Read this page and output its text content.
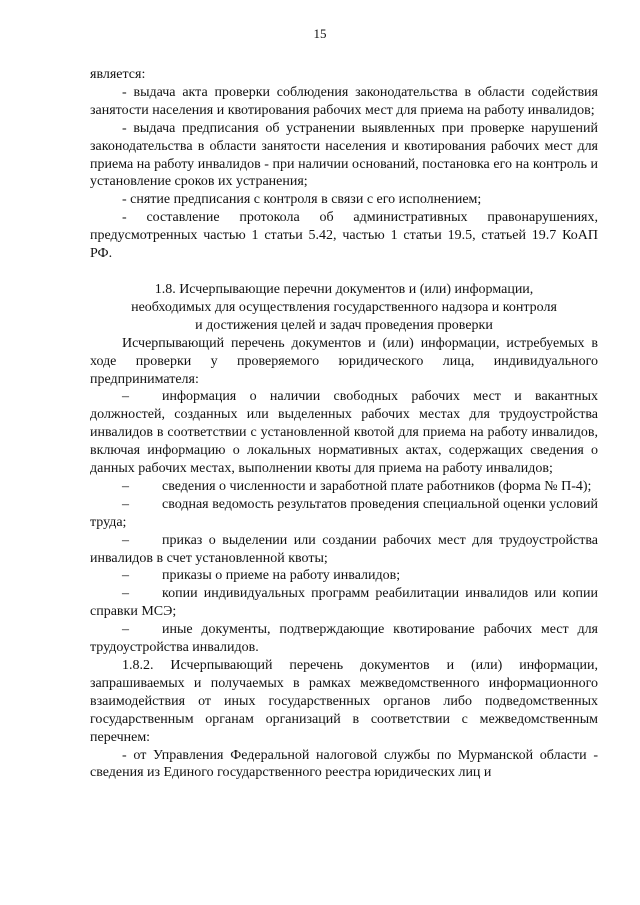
15

является:

- выдача акта проверки соблюдения законодательства в области содействия занятости населения и квотирования рабочих мест для приема на работу инвалидов;

- выдача предписания об устранении выявленных при проверке нарушений законодательства в области занятости населения и квотирования рабочих мест для приема на работу инвалидов - при наличии оснований, постановка его на контроль и установление сроков их устранения;

- снятие предписания с контроля в связи с его исполнением;

- составление протокола об административных правонарушениях, предусмотренных частью 1 статьи 5.42, частью 1 статьи 19.5, статьей 19.7 КоАП РФ.

1.8. Исчерпывающие перечни документов и (или) информации,
необходимых для осуществления государственного надзора и контроля
и достижения целей и задач проведения проверки

Исчерпывающий перечень документов и (или) информации, истребуемых в ходе проверки у проверяемого юридического лица, индивидуального предпринимателя:

– информация о наличии свободных рабочих мест и вакантных должностей, созданных или выделенных рабочих местах для трудоустройства инвалидов в соответствии с установленной квотой для приема на работу инвалидов, включая информацию о локальных нормативных актах, содержащих сведения о данных рабочих местах, выполнении квоты для приема на работу инвалидов;

– сведения о численности и заработной плате работников (форма № П-4);

– сводная ведомость результатов проведения специальной оценки условий труда;

– приказ о выделении или создании рабочих мест для трудоустройства инвалидов в счет установленной квоты;

– приказы о приеме на работу инвалидов;

– копии индивидуальных программ реабилитации инвалидов или копии справки МСЭ;

– иные документы, подтверждающие квотирование рабочих мест для трудоустройства инвалидов.

1.8.2. Исчерпывающий перечень документов и (или) информации, запрашиваемых и получаемых в рамках межведомственного информационного взаимодействия от иных государственных органов либо подведомственных государственным органам организаций в соответствии с межведомственным перечнем:

- от Управления Федеральной налоговой службы по Мурманской области - сведения из Единого государственного реестра юридических лиц и
